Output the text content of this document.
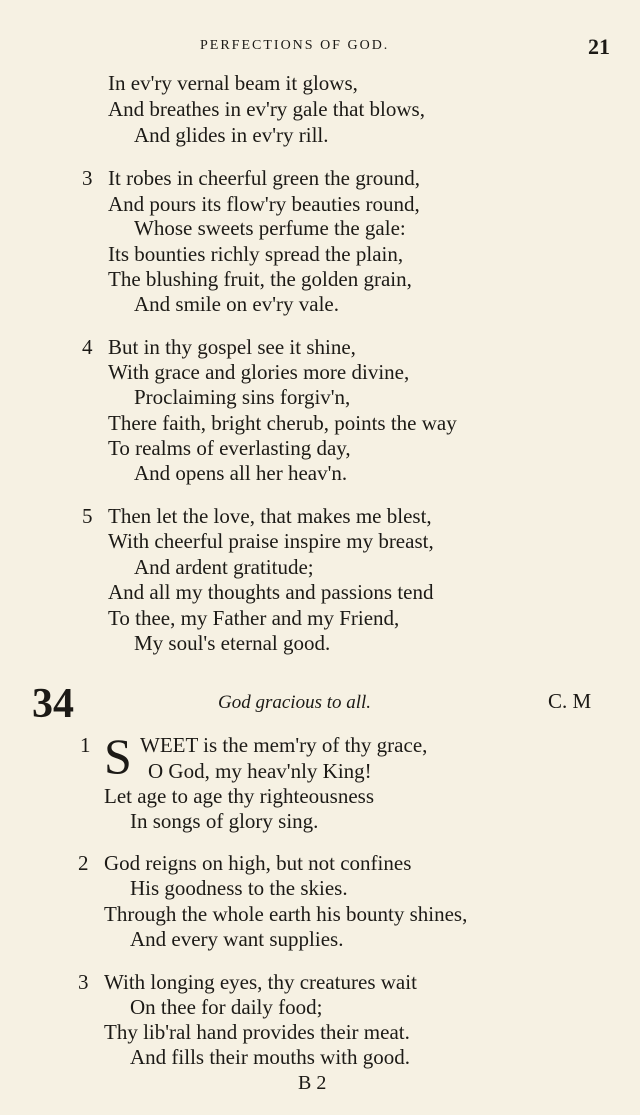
PERFECTIONS OF GOD.	21
In ev'ry vernal beam it glows,
And breathes in ev'ry gale that blows,
And glides in ev'ry rill.
3 It robes in cheerful green the ground,
And pours its flow'ry beauties round,
Whose sweets perfume the gale:
Its bounties richly spread the plain,
The blushing fruit, the golden grain,
And smile on ev'ry vale.
4 But in thy gospel see it shine,
With grace and glories more divine,
Proclaiming sins forgiv'n,
There faith, bright cherub, points the way
To realms of everlasting day,
And opens all her heav'n.
5 Then let the love, that makes me blest,
With cheerful praise inspire my breast,
And ardent gratitude;
And all my thoughts and passions tend
To thee, my Father and my Friend,
My soul's eternal good.
34	God gracious to all.	C. M
1 S WEET is the mem'ry of thy grace,
O God, my heav'nly King!
Let age to age thy righteousness
In songs of glory sing.
2 God reigns on high, but not confines
His goodness to the skies.
Through the whole earth his bounty shines,
And every want supplies.
3 With longing eyes, thy creatures wait
On thee for daily food;
Thy lib'ral hand provides their meat.
And fills their mouths with good.
B 2
